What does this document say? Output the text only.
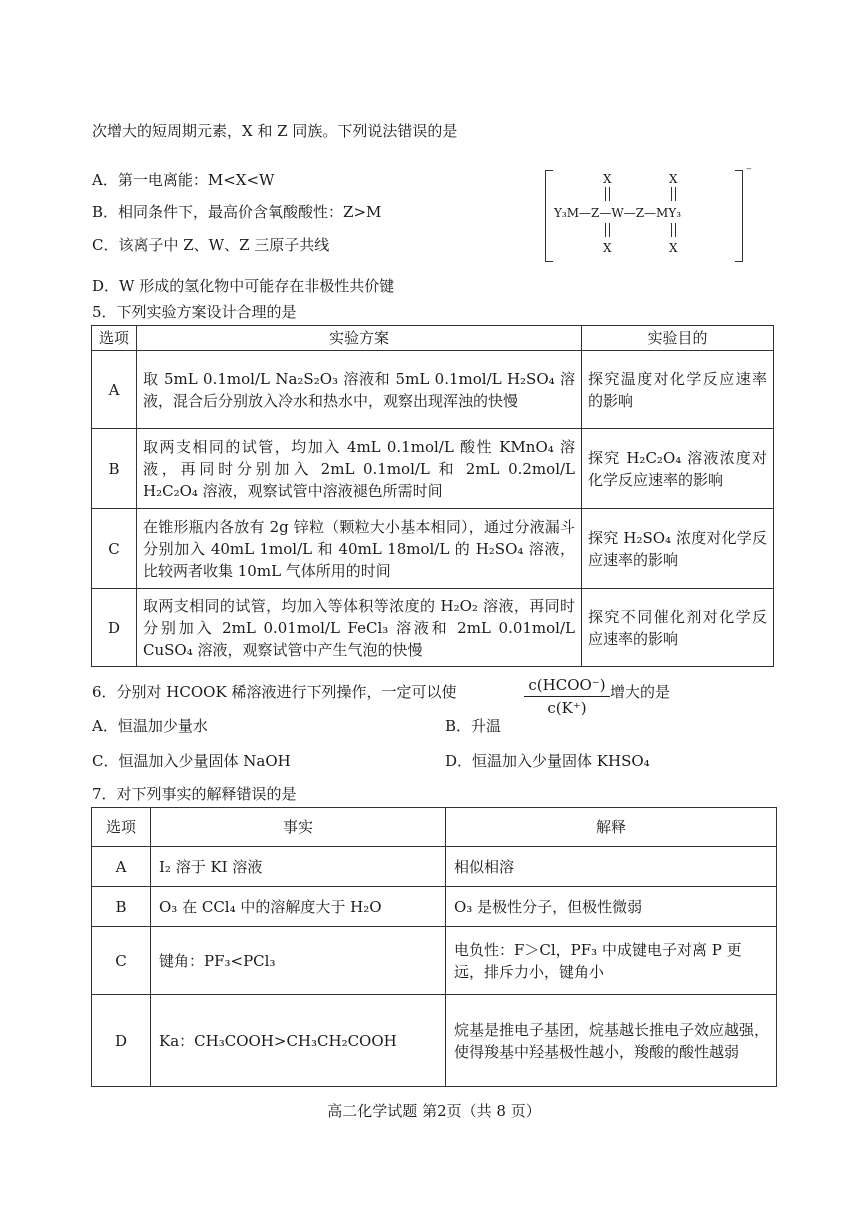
次增大的短周期元素，X 和 Z 同族。下列说法错误的是
A．第一电离能：M<X<W
B．相同条件下，最高价含氧酸酸性：Z>M
C．该离子中 Z、W、Z 三原子共线
D．W 形成的氢化物中可能存在非极性共价键
⁻
X	X
Y₃M—Z—W—Z—MY₃
X	X
5．下列实验方案设计合理的是
选项	实验方案	实验目的
A	取 5mL 0.1mol/L Na₂S₂O₃ 溶液和 5mL 0.1mol/L H₂SO₄ 溶液，混合后分别放入冷水和热水中，观察出现浑浊的快慢	探究温度对化学反应速率的影响
B	取两支相同的试管，均加入 4mL 0.1mol/L 酸性 KMnO₄ 溶液，再同时分别加入 2mL 0.1mol/L 和 2mL 0.2mol/L H₂C₂O₄ 溶液，观察试管中溶液褪色所需时间	探究 H₂C₂O₄ 溶液浓度对化学反应速率的影响
C	在锥形瓶内各放有 2g 锌粒（颗粒大小基本相同），通过分液漏斗分别加入 40mL 1mol/L 和 40mL 18mol/L 的 H₂SO₄ 溶液，比较两者收集 10mL 气体所用的时间	探究 H₂SO₄ 浓度对化学反应速率的影响
D	取两支相同的试管，均加入等体积等浓度的 H₂O₂ 溶液，再同时分别加入 2mL 0.01mol/L FeCl₃ 溶液和 2mL 0.01mol/L CuSO₄ 溶液，观察试管中产生气泡的快慢	探究不同催化剂对化学反应速率的影响
6．分别对 HCOOK 稀溶液进行下列操作，一定可以使	c(HCOO⁻)
c(K⁺)
增大的是
A．恒温加少量水	B．升温
C．恒温加入少量固体 NaOH	D．恒温加入少量固体 KHSO₄
7．对下列事实的解释错误的是
选项	事实	解释
A	I₂ 溶于 KI 溶液	相似相溶
B	O₃ 在 CCl₄ 中的溶解度大于 H₂O	O₃ 是极性分子，但极性微弱
C	键角：PF₃<PCl₃	电负性：F＞Cl，PF₃ 中成键电子对离 P 更远，排斥力小，键角小
D	Ka：CH₃COOH>CH₃CH₂COOH	烷基是推电子基团，烷基越长推电子效应越强，使得羧基中羟基极性越小，羧酸的酸性越弱
高二化学试题 第2页（共 8 页）
